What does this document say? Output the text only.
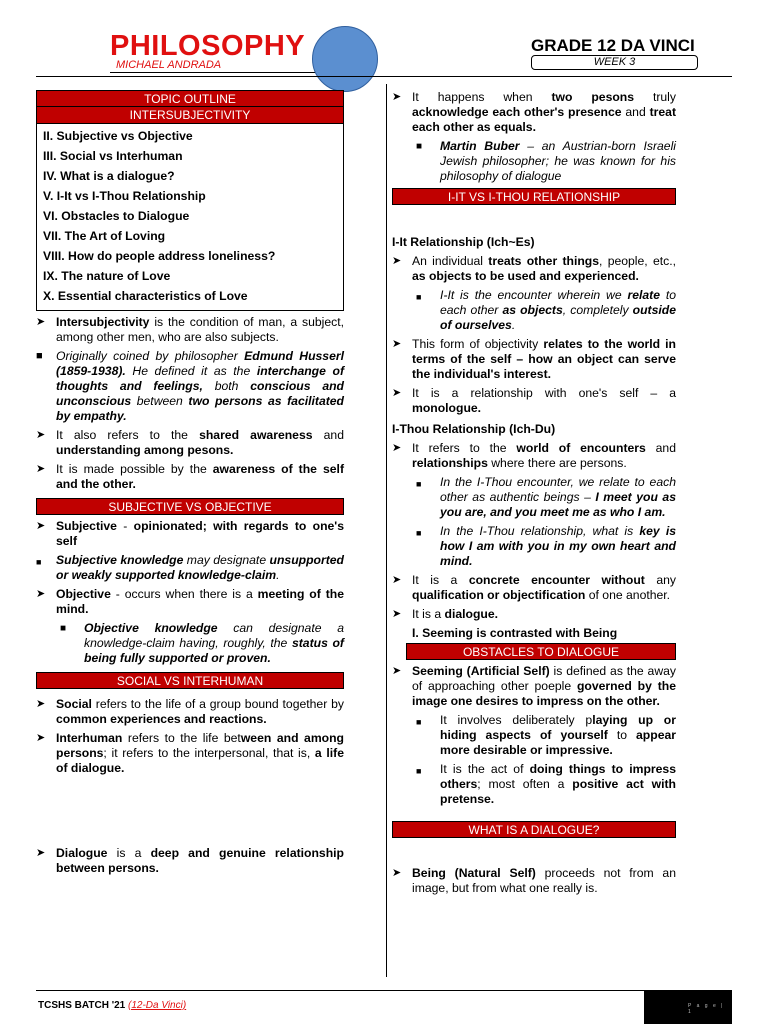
PHILOSOPHY
MICHAEL ANDRADA
GRADE 12 DA VINCI
WEEK 3
TOPIC OUTLINE
INTERSUBJECTIVITY
II. Subjective vs Objective
III. Social vs Interhuman
IV. What is a dialogue?
V. I-It vs I-Thou Relationship
VI. Obstacles to Dialogue
VII. The Art of Loving
VIII. How do people address loneliness?
IX. The nature of Love
X. Essential characteristics of Love
➤ Intersubjectivity is the condition of man, a subject, among other men, who are also subjects.
■	Originally coined by philosopher Edmund Husserl (1859-1938). He defined it as the interchange of thoughts and feelings, both conscious and unconscious between two persons as facilitated by empathy.
➤ It also refers to the shared awareness and understanding among pesons.
➤ It is made possible by the awareness of the self and the other.
SUBJECTIVE VS OBJECTIVE
➤ Subjective - opinionated; with regards to one's self
■	Subjective knowledge may designate unsupported or weakly supported knowledge-claim.
➤ Objective - occurs when there is a meeting of the mind.
■	Objective knowledge can designate a knowledge-claim having, roughly, the status of being fully supported or proven.
SOCIAL VS INTERHUMAN
➤ Social refers to the life of a group bound together by common experiences and reactions.
➤ Interhuman refers to the life between and among persons; it refers to the interpersonal, that is, a life of dialogue.
➤ Dialogue is a deep and genuine relationship between persons.
➤ It happens when two pesons truly acknowledge each other's presence and treat each other as equals.
■	Martin Buber – an Austrian-born Israeli Jewish philosopher; he was known for his philosophy of dialogue
I-IT VS I-THOU RELATIONSHIP
I-It Relationship (Ich~Es)
➤ An individual treats other things, people, etc., as objects to be used and experienced.
■	I-It is the encounter wherein we relate to each other as objects, completely outside of ourselves.
➤ This form of objectivity relates to the world in terms of the self – how an object can serve the individual's interest.
➤ It is a relationship with one's self – a monologue.
I-Thou Relationship (Ich-Du)
➤ It refers to the world of encounters and relationships where there are persons.
■	In the I-Thou encounter, we relate to each other as authentic beings – I meet you as you are, and you meet me as who I am.
■	In the I-Thou relationship, what is key is how I am with you in my own heart and mind.
➤ It is a concrete encounter without any qualification or objectification of one another.
➤ It is a dialogue.
I. Seeming is contrasted with Being
OBSTACLES TO DIALOGUE
➤ Seeming (Artificial Self) is defined as the away of approaching other poeple governed by the image one desires to impress on the other.
■	It involves deliberately playing up or hiding aspects of yourself to appear more desirable or impressive.
■	It is the act of doing things to impress others; most often a positive act with pretense.
WHAT IS A DIALOGUE?
➤ Being (Natural Self) proceeds not from an image, but from what one really is.
TCSHS BATCH '21 (12-Da Vinci)	P a g e | 1
